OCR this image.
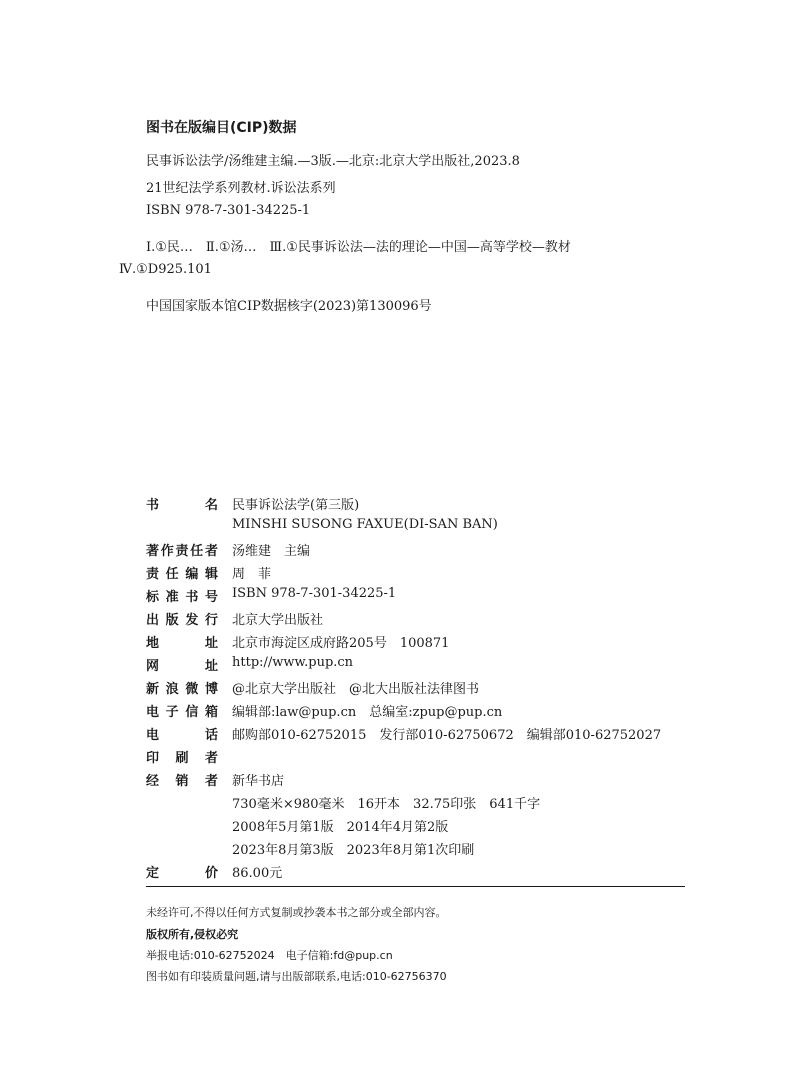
图书在版编目(CIP)数据
民事诉讼法学/汤维建主编.—3版.—北京:北京大学出版社,2023.8
21世纪法学系列教材.诉讼法系列
ISBN 978-7-301-34225-1
Ⅰ.①民…　Ⅱ.①汤…　Ⅲ.①民事诉讼法—法的理论—中国—高等学校—教材
Ⅳ.①D925.101
中国国家版本馆CIP数据核字(2023)第130096号
书名 民事诉讼法学(第三版)
MINSHI SUSONG FAXUE(DI-SAN BAN)
著作责任者 汤维建　主编
责任编辑 周　菲
标准书号 ISBN 978-7-301-34225-1
出版发行 北京大学出版社
地址 北京市海淀区成府路205号　100871
网址 http://www.pup.cn
新浪微博 @北京大学出版社　@北大出版社法律图书
电子信箱 编辑部:law@pup.cn　总编室:zpup@pup.cn
电话 邮购部010-62752015　发行部010-62750672　编辑部010-62752027
印刷者
经销者 新华书店
730毫米×980毫米　16开本　32.75印张　641千字
2008年5月第1版　2014年4月第2版
2023年8月第3版　2023年8月第1次印刷
定价 86.00元
未经许可,不得以任何方式复制或抄袭本书之部分或全部内容。
版权所有,侵权必究
举报电话:010-62752024　电子信箱:fd@pup.cn
图书如有印装质量问题,请与出版部联系,电话:010-62756370
